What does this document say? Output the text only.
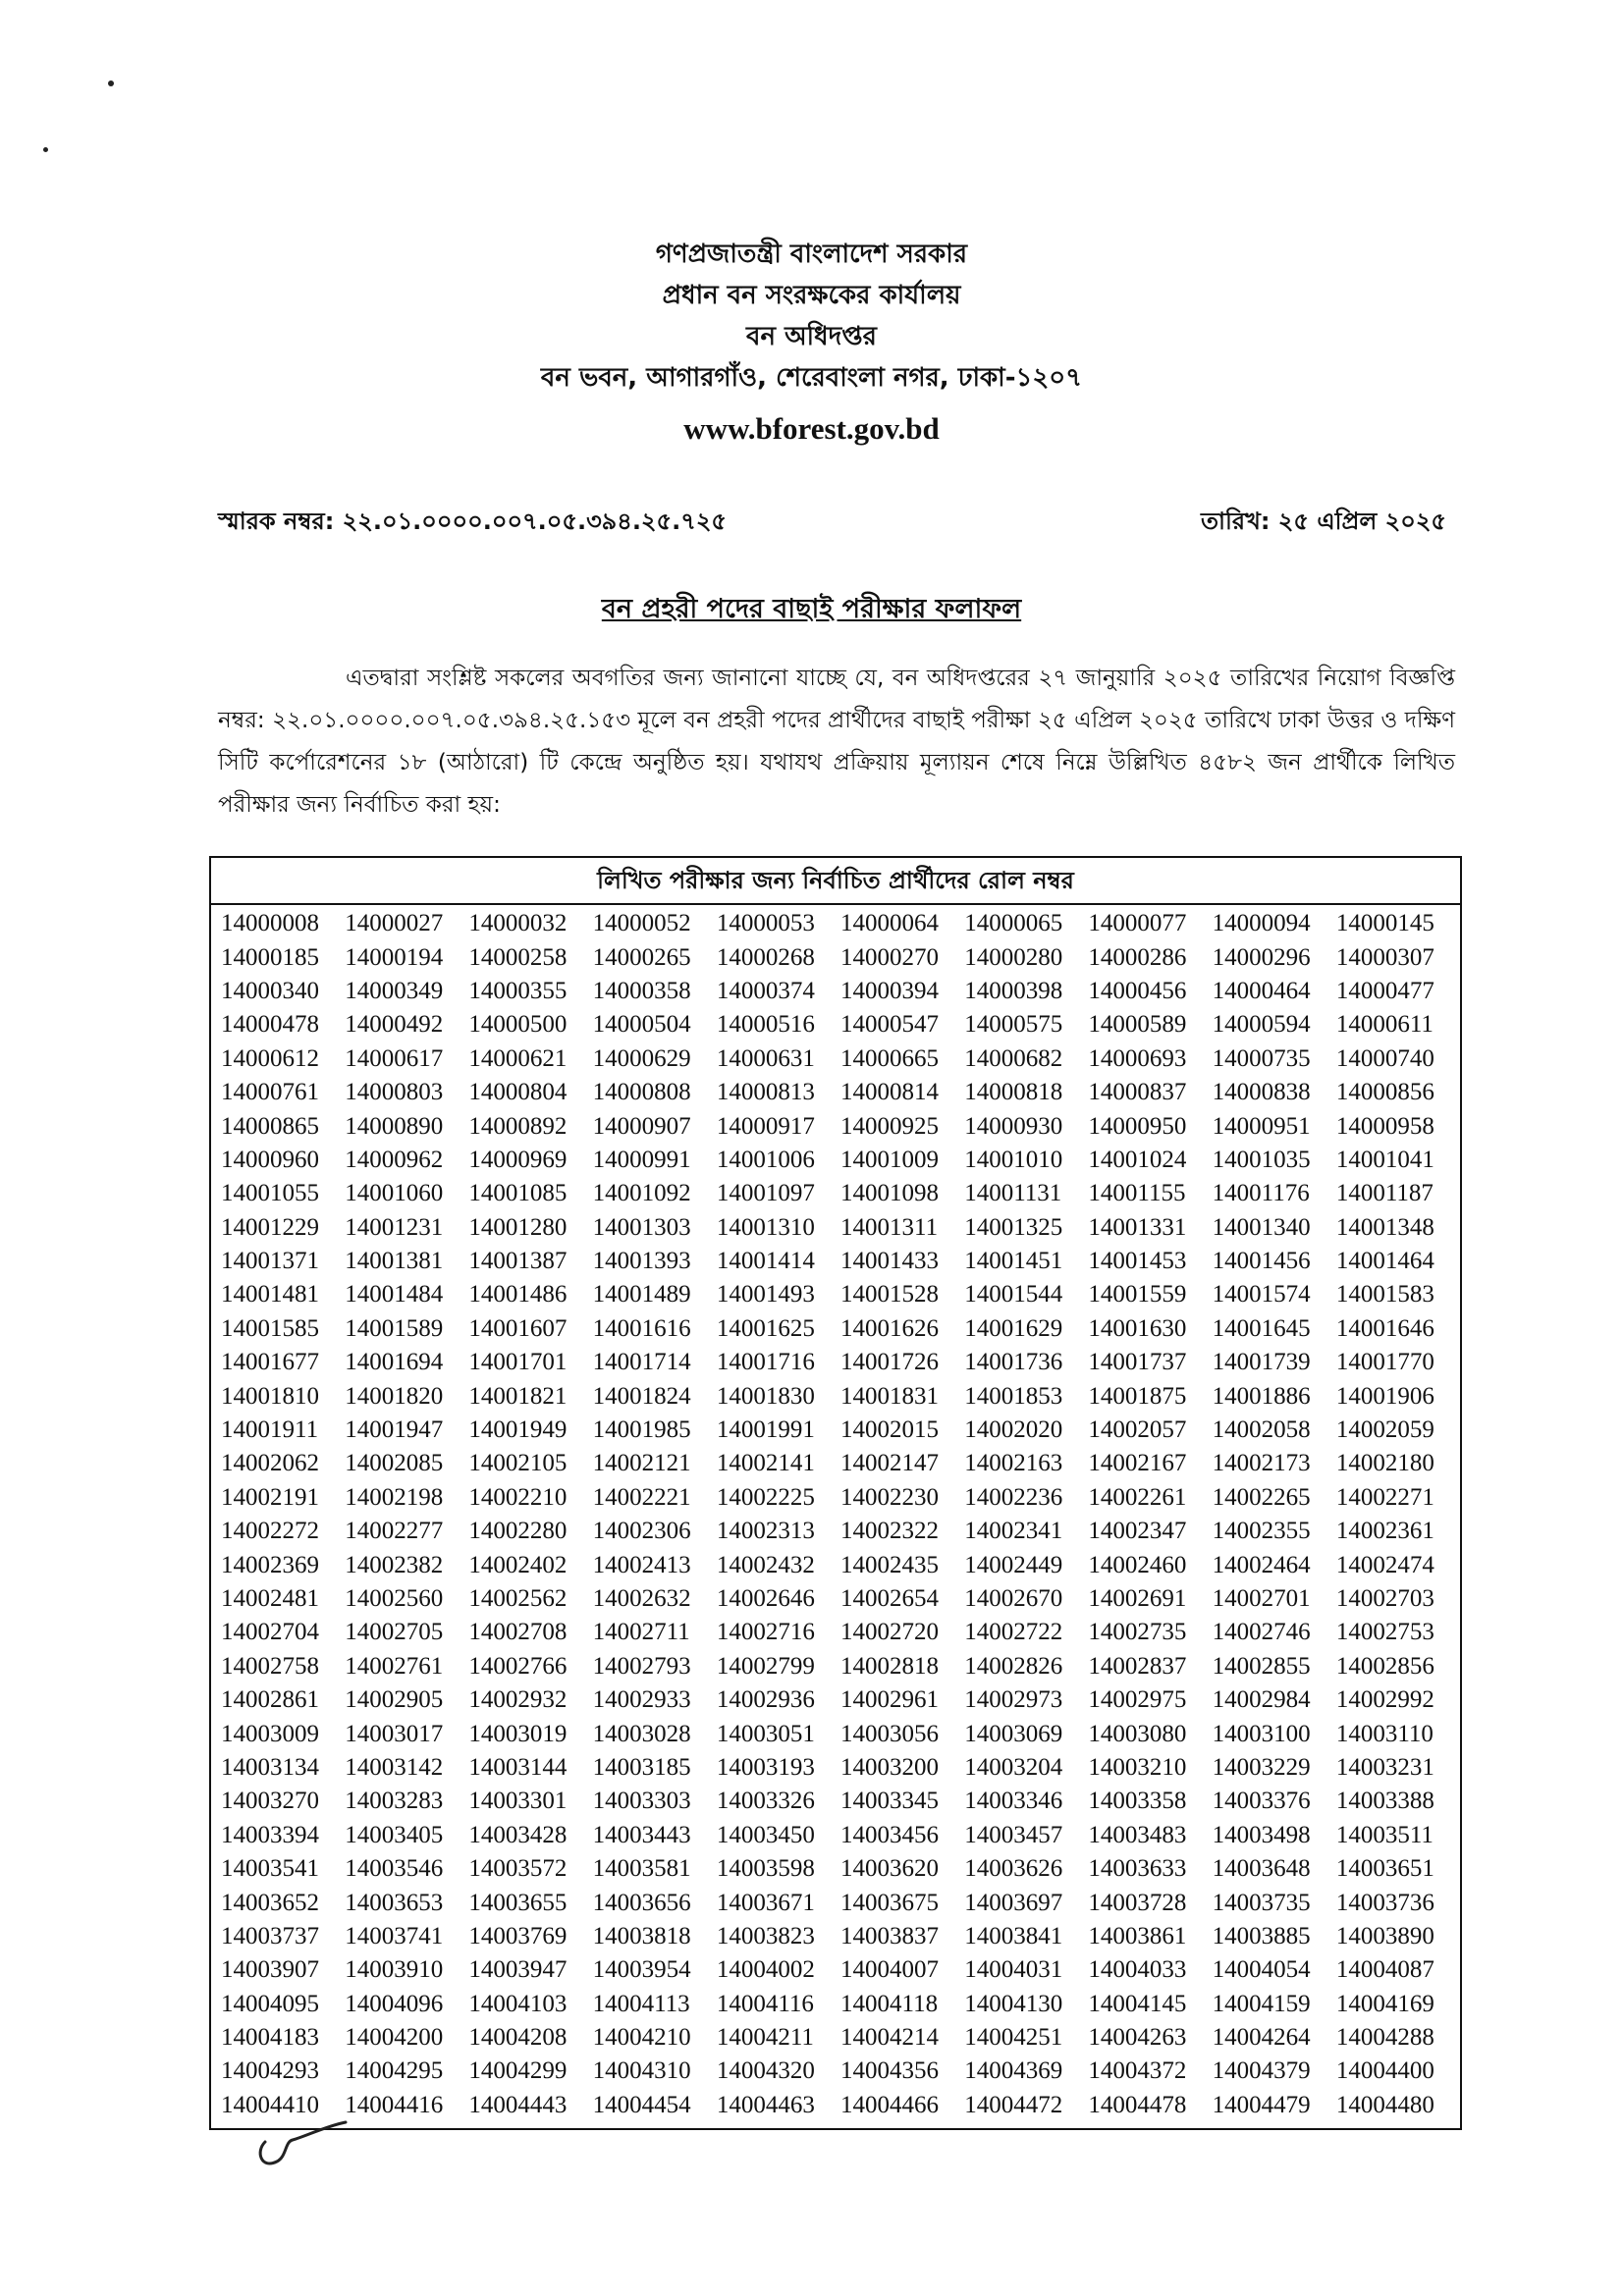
গণপ্রজাতন্ত্রী বাংলাদেশ সরকার
প্রধান বন সংরক্ষকের কার্যালয়
বন অধিদপ্তর
বন ভবন, আগারগাঁও, শেরেবাংলা নগর, ঢাকা-১২০৭
www.bforest.gov.bd
স্মারক নম্বর: ২২.০১.০০০০.০০৭.০৫.৩৯৪.২৫.৭২৫	তারিখ: ২৫ এপ্রিল ২০২৫
বন প্রহরী পদের বাছাই পরীক্ষার ফলাফল
এতদ্বারা সংশ্লিষ্ট সকলের অবগতির জন্য জানানো যাচ্ছে যে, বন অধিদপ্তরের ২৭ জানুয়ারি ২০২৫ তারিখের নিয়োগ বিজ্ঞপ্তি নম্বর: ২২.০১.০০০০.০০৭.০৫.৩৯৪.২৫.১৫৩ মূলে বন প্রহরী পদের প্রার্থীদের বাছাই পরীক্ষা ২৫ এপ্রিল ২০২৫ তারিখে ঢাকা উত্তর ও দক্ষিণ সিটি কর্পোরেশনের ১৮ (আঠারো) টি কেন্দ্রে অনুষ্ঠিত হয়। যথাযথ প্রক্রিয়ায় মূল্যায়ন শেষে নিম্নে উল্লিখিত ৪৫৮২ জন প্রার্থীকে লিখিত পরীক্ষার জন্য নির্বাচিত করা হয়:
লিখিত পরীক্ষার জন্য নির্বাচিত প্রার্থীদের রোল নম্বর
14000008	14000027	14000032	14000052	14000053	14000064	14000065	14000077	14000094	14000145
14000185	14000194	14000258	14000265	14000268	14000270	14000280	14000286	14000296	14000307
14000340	14000349	14000355	14000358	14000374	14000394	14000398	14000456	14000464	14000477
14000478	14000492	14000500	14000504	14000516	14000547	14000575	14000589	14000594	14000611
14000612	14000617	14000621	14000629	14000631	14000665	14000682	14000693	14000735	14000740
14000761	14000803	14000804	14000808	14000813	14000814	14000818	14000837	14000838	14000856
14000865	14000890	14000892	14000907	14000917	14000925	14000930	14000950	14000951	14000958
14000960	14000962	14000969	14000991	14001006	14001009	14001010	14001024	14001035	14001041
14001055	14001060	14001085	14001092	14001097	14001098	14001131	14001155	14001176	14001187
14001229	14001231	14001280	14001303	14001310	14001311	14001325	14001331	14001340	14001348
14001371	14001381	14001387	14001393	14001414	14001433	14001451	14001453	14001456	14001464
14001481	14001484	14001486	14001489	14001493	14001528	14001544	14001559	14001574	14001583
14001585	14001589	14001607	14001616	14001625	14001626	14001629	14001630	14001645	14001646
14001677	14001694	14001701	14001714	14001716	14001726	14001736	14001737	14001739	14001770
14001810	14001820	14001821	14001824	14001830	14001831	14001853	14001875	14001886	14001906
14001911	14001947	14001949	14001985	14001991	14002015	14002020	14002057	14002058	14002059
14002062	14002085	14002105	14002121	14002141	14002147	14002163	14002167	14002173	14002180
14002191	14002198	14002210	14002221	14002225	14002230	14002236	14002261	14002265	14002271
14002272	14002277	14002280	14002306	14002313	14002322	14002341	14002347	14002355	14002361
14002369	14002382	14002402	14002413	14002432	14002435	14002449	14002460	14002464	14002474
14002481	14002560	14002562	14002632	14002646	14002654	14002670	14002691	14002701	14002703
14002704	14002705	14002708	14002711	14002716	14002720	14002722	14002735	14002746	14002753
14002758	14002761	14002766	14002793	14002799	14002818	14002826	14002837	14002855	14002856
14002861	14002905	14002932	14002933	14002936	14002961	14002973	14002975	14002984	14002992
14003009	14003017	14003019	14003028	14003051	14003056	14003069	14003080	14003100	14003110
14003134	14003142	14003144	14003185	14003193	14003200	14003204	14003210	14003229	14003231
14003270	14003283	14003301	14003303	14003326	14003345	14003346	14003358	14003376	14003388
14003394	14003405	14003428	14003443	14003450	14003456	14003457	14003483	14003498	14003511
14003541	14003546	14003572	14003581	14003598	14003620	14003626	14003633	14003648	14003651
14003652	14003653	14003655	14003656	14003671	14003675	14003697	14003728	14003735	14003736
14003737	14003741	14003769	14003818	14003823	14003837	14003841	14003861	14003885	14003890
14003907	14003910	14003947	14003954	14004002	14004007	14004031	14004033	14004054	14004087
14004095	14004096	14004103	14004113	14004116	14004118	14004130	14004145	14004159	14004169
14004183	14004200	14004208	14004210	14004211	14004214	14004251	14004263	14004264	14004288
14004293	14004295	14004299	14004310	14004320	14004356	14004369	14004372	14004379	14004400
14004410	14004416	14004443	14004454	14004463	14004466	14004472	14004478	14004479	14004480
